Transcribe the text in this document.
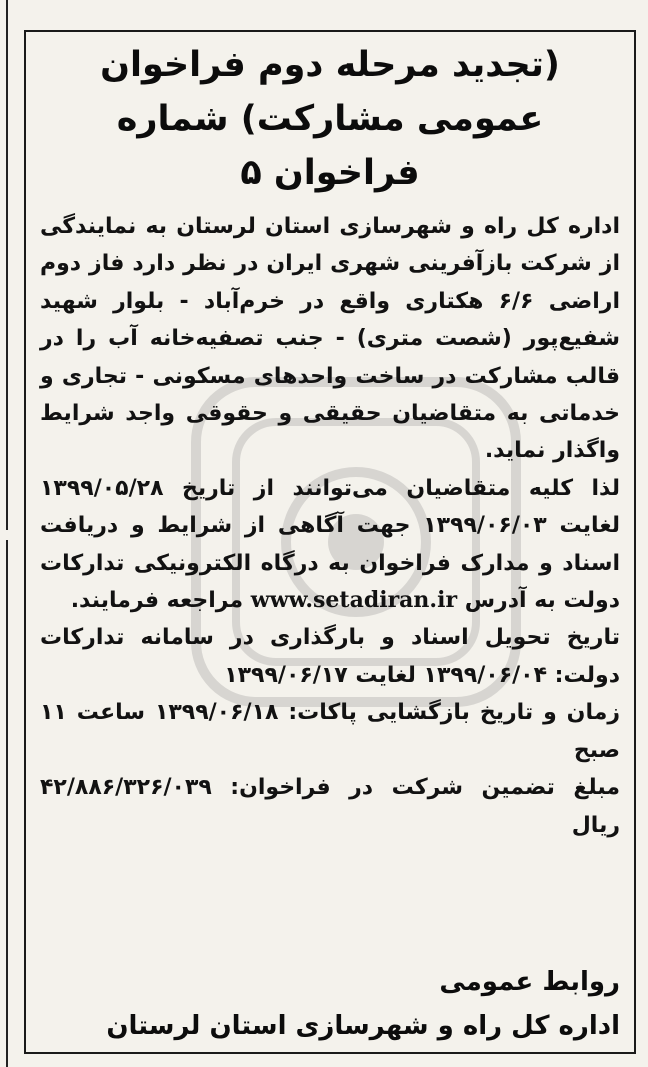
(تجدید مرحله دوم فراخوان عمومی مشارکت) شماره فراخوان ۵

اداره کل راه و شهرسازی استان لرستان به نمایندگی از شرکت بازآفرینی شهری ایران در نظر دارد فاز دوم اراضی ۶/۶ هکتاری واقع در خرم‌آباد - بلوار شهید شفیع‌پور (شصت متری) - جنب تصفیه‌خانه آب را در قالب مشارکت در ساخت واحدهای مسکونی - تجاری و خدماتی به متقاضیان حقیقی و حقوقی واجد شرایط واگذار نماید.
لذا کلیه متقاضیان می‌توانند از تاریخ ۱۳۹۹/۰۵/۲۸ لغایت ۱۳۹۹/۰۶/۰۳ جهت آگاهی از شرایط و دریافت اسناد و مدارک فراخوان به درگاه الکترونیکی تدارکات دولت به آدرس www.setadiran.ir مراجعه فرمایند.
تاریخ تحویل اسناد و بارگذاری در سامانه تدارکات دولت: ۱۳۹۹/۰۶/۰۴ لغایت ۱۳۹۹/۰۶/۱۷
زمان و تاریخ بازگشایی پاکات: ۱۳۹۹/۰۶/۱۸ ساعت ۱۱ صبح
مبلغ تضمین شرکت در فراخوان: ۴۲/۸۸۶/۳۲۶/۰۳۹ ریال

روابط عمومی
اداره کل راه و شهرسازی استان لرستان
